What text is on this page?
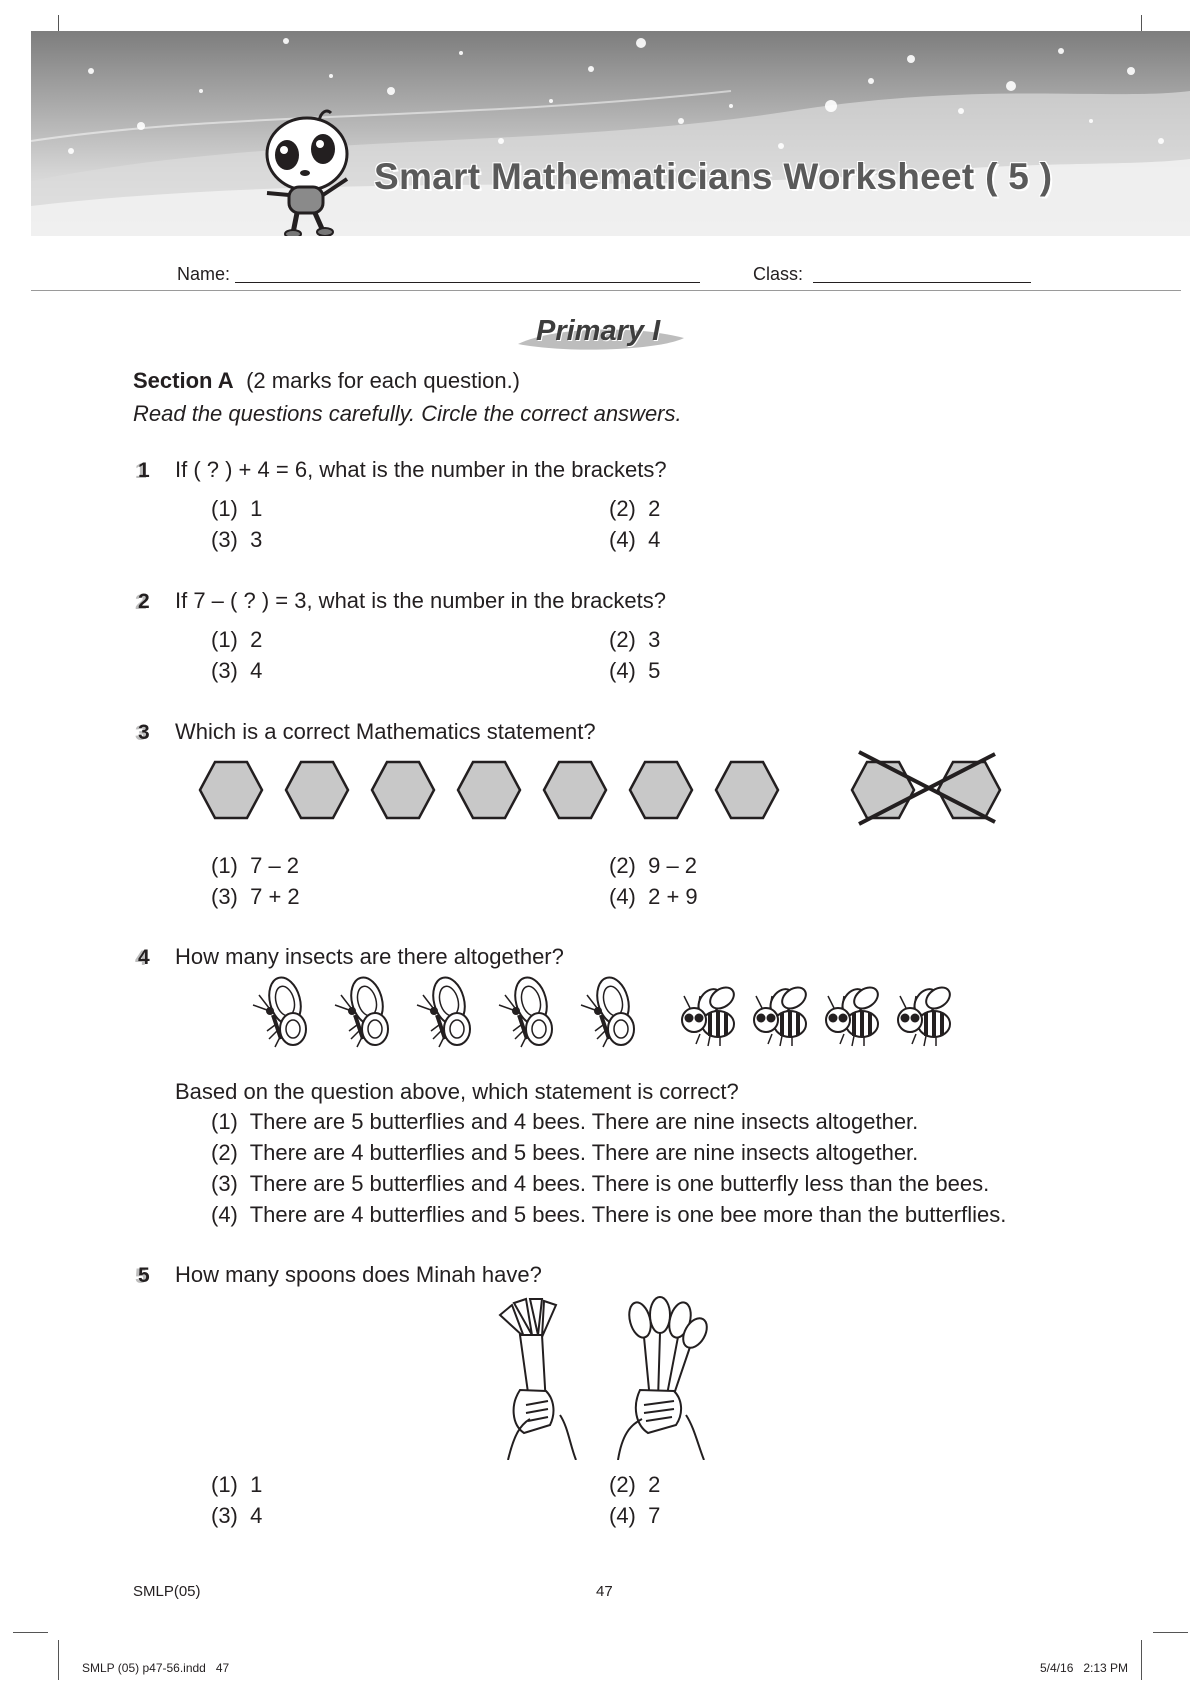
Smart Mathematicians Worksheet ( 5 )
Name:	Class:
Primary I
Section A (2 marks for each question.)
Read the questions carefully. Circle the correct answers.
1 If ( ? ) + 4 = 6, what is the number in the brackets?
(1)  1	(2)  2
(3)  3	(4)  4
2 If 7 – ( ? ) = 3, what is the number in the brackets?
(1)  2	(2)  3
(3)  4	(4)  5
3 Which is a correct Mathematics statement?
(1)  7 – 2	(2)  9 – 2
(3)  7 + 2	(4)  2 + 9
4 How many insects are there altogether?
Based on the question above, which statement is correct?
(1)  There are 5 butterflies and 4 bees. There are nine insects altogether.
(2)  There are 4 butterflies and 5 bees. There are nine insects altogether.
(3)  There are 5 butterflies and 4 bees. There is one butterfly less than the bees.
(4)  There are 4 butterflies and 5 bees. There is one bee more than the butterflies.
5 How many spoons does Minah have?
(1)  1	(2)  2
(3)  4	(4)  7
SMLP(05)	47
SMLP (05) p47-56.indd   47	5/4/16   2:13 PM
